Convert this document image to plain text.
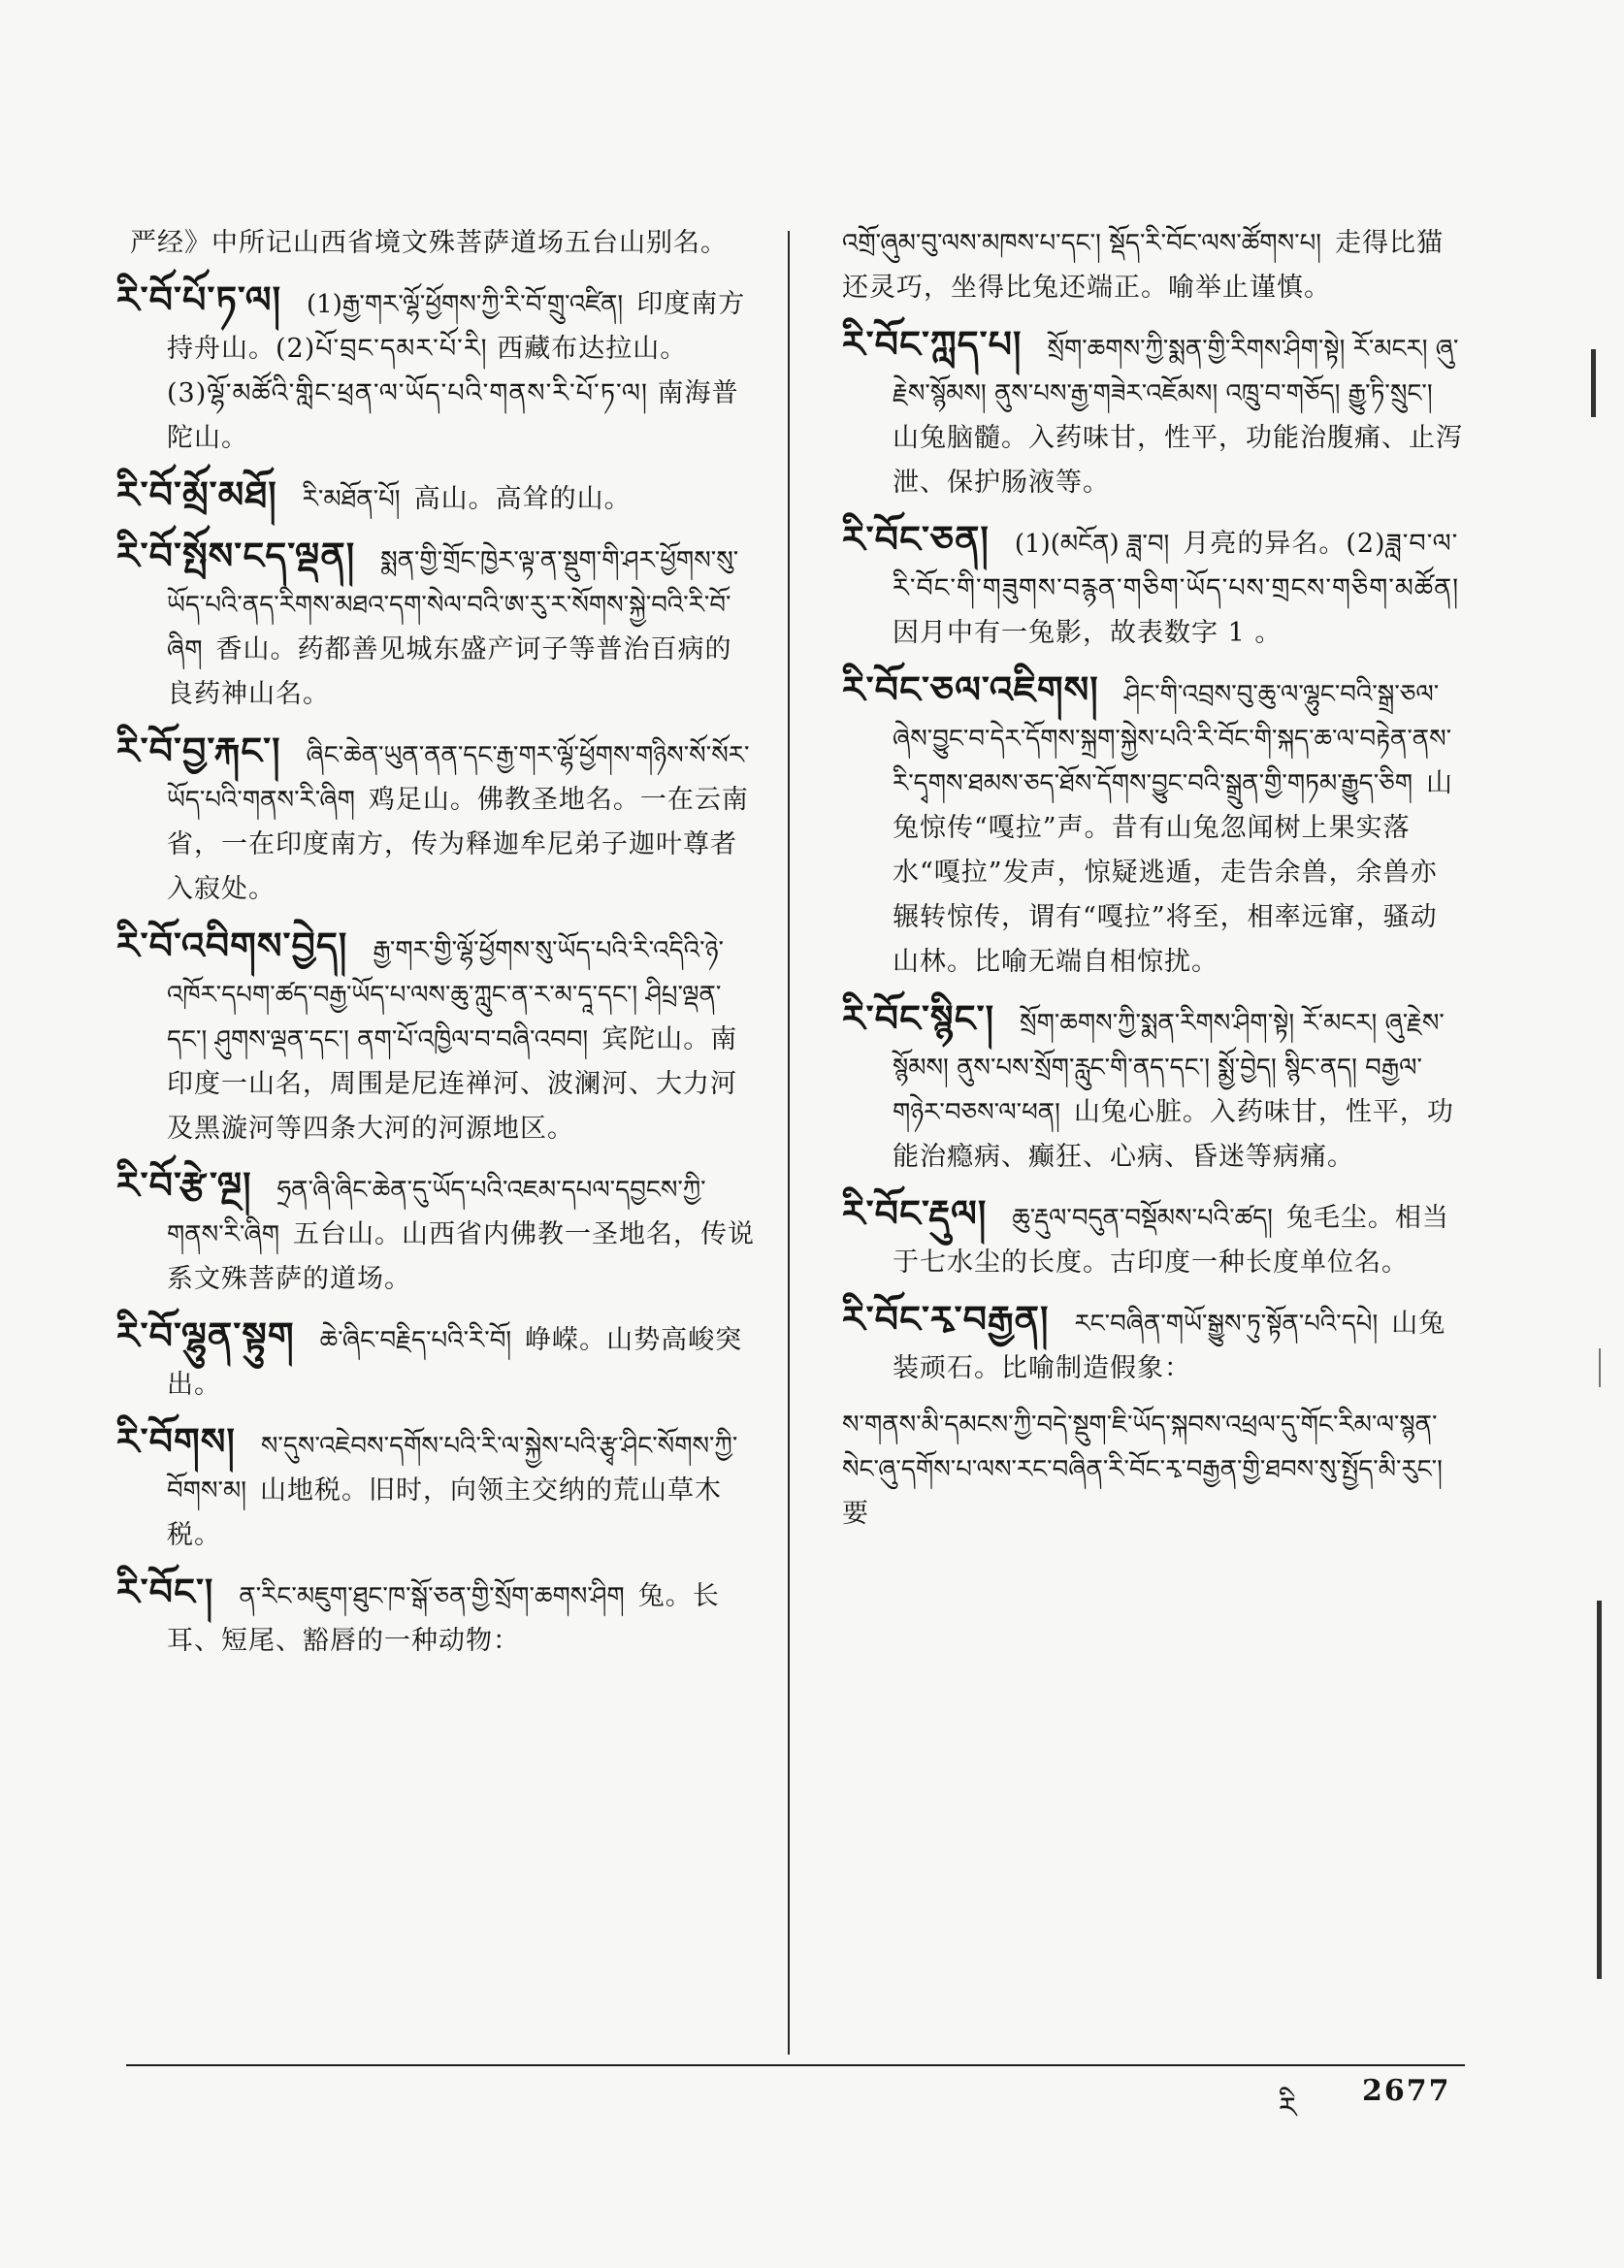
严经》中所记山西省境文殊菩萨道场五台山别名。
རི་བོ་པོ་ཏ་ལ། (1)རྒྱ་གར་ལྷོ་ཕྱོགས་ཀྱི་རི་བོ་གྲུ་འཛིན། 印度南方持舟山。(2)པོ་བྲང་དམར་པོ་རི། 西藏布达拉山。 (3)ལྷོ་མཚོའི་གླིང་ཕྲན་ལ་ཡོད་པའི་གནས་རི་པོ་ཏ་ལ། 南海普陀山。
རི་བོ་མྲོ་མཐོ། རི་མཐོན་པོ། 高山。高耸的山。
རི་བོ་སྤོས་ངད་ལྡན། སྨན་གྱི་གྲོང་ཁྱེར་ལྟ་ན་སྡུག་གི་ཤར་ཕྱོགས་སུ་ཡོད་པའི་ནད་རིགས་མཐའ་དག་སེལ་བའི་ཨ་རུ་ར་སོགས་སྐྱེ་བའི་རི་བོ་ཞིག 香山。药都善见城东盛产诃子等普治百病的良药神山名。
རི་བོ་བྱ་རྐང་། ཞིང་ཆེན་ཡུན་ནན་དང་རྒྱ་གར་ལྷོ་ཕྱོགས་གཉིས་སོ་སོར་ཡོད་པའི་གནས་རི་ཞིག 鸡足山。佛教圣地名。一在云南省，一在印度南方，传为释迦牟尼弟子迦叶尊者入寂处。
རི་བོ་འབིགས་བྱེད། རྒྱ་གར་གྱི་ལྷོ་ཕྱོགས་སུ་ཡོད་པའི་རི་འདིའི་ཉེ་འཁོར་དཔག་ཚད་བརྒྱ་ཡོད་པ་ལས་ཆུ་ཀླུང་ན་ར་མ་དཱ་དང་། ཤིཔྲ་ལྡན་དང་། ཤུགས་ལྡན་དང་། ནག་པོ་འཁྱིལ་བ་བཞི་འབབ། 宾陀山。南印度一山名，周围是尼连禅河、波澜河、大力河及黑漩河等四条大河的河源地区。
རི་བོ་རྩེ་ལྔ། ཧྲན་ཞི་ཞིང་ཆེན་དུ་ཡོད་པའི་འཇམ་དཔལ་དབྱངས་ཀྱི་གནས་རི་ཞིག 五台山。山西省内佛教一圣地名，传说系文殊菩萨的道场。
རི་བོ་ལྷུན་སྟུག ཆེ་ཞིང་བརྗིད་པའི་རི་བོ། 峥嵘。山势高峻突出。
རི་བོགས། ས་དུས་འཇེབས་དགོས་པའི་རི་ལ་སྐྱེས་པའི་རྩྭ་ཤིང་སོགས་ཀྱི་བོགས་མ། 山地税。旧时，向领主交纳的荒山草木税。
རི་བོང་། ན་རིང་མཇུག་ཐུང་ཁ་སྒོ་ཅན་གྱི་སྲོག་ཆགས་ཤིག 兔。长耳、短尾、豁唇的一种动物：
འགྲོ་ཞུམ་བུ་ལས་མཁས་པ་དང་། སྡོད་རི་བོང་ལས་ཚོགས་པ། 走得比猫还灵巧，坐得比兔还端正。喻举止谨慎。
རི་བོང་ཀླད་པ། སྲོག་ཆགས་ཀྱི་སྨན་གྱི་རིགས་ཤིག་སྟེ། རོ་མངར། ཞུ་རྗེས་སྙོམས། ནུས་པས་རྒྱ་གཟེར་འཇོམས། འཁྲུ་བ་གཅོད། རྒྱུ་ཏི་སྲུང་།山兔脑髓。入药味甘，性平，功能治腹痛、止泻泄、保护肠液等。
རི་བོང་ཅན། (1)(མངོན) ཟླ་བ། 月亮的异名。(2)ཟླ་བ་ལ་རི་བོང་གི་གཟུགས་བརྙན་གཅིག་ཡོད་པས་གྲངས་གཅིག་མཚོན། 因月中有一兔影，故表数字 1 。
རི་བོང་ཅལ་འཇིགས། ཤིང་གི་འབྲས་བུ་ཆུ་ལ་ལྷུང་བའི་སྒྲ་ཅལ་ཞེས་བྱུང་བ་དེར་དོགས་སྐྲག་སྐྱེས་པའི་རི་བོང་གི་སྐད་ཆ་ལ་བརྟེན་ནས་རི་དྭགས་ཐམས་ཅད་ཐོས་དོགས་བྱུང་བའི་སྒྲུན་གྱི་གཏམ་རྒྱུད་ཅིག 山兔惊传“嘎拉”声。昔有山兔忽闻树上果实落水“嘎拉”发声，惊疑逃遁，走告余兽，余兽亦辗转惊传，谓有“嘎拉”将至，相率远窜，骚动山林。比喻无端自相惊扰。
རི་བོང་སྙིང་། སྲོག་ཆགས་ཀྱི་སྨན་རིགས་ཤིག་སྟེ། རོ་མངར། ཞུ་རྗེས་སྙོམས། ནུས་པས་སྲོག་རླུང་གི་ནད་དང་། སྨྱོ་བྱེད། སྙིང་ནད། བརྒྱལ་གཉེར་བཅས་ལ་ཕན། 山兔心脏。入药味甘，性平，功能治瘾病、癫狂、心病、昏迷等病痛。
རི་བོང་རྡུལ། ཆུ་རྡུལ་བདུན་བསྡོམས་པའི་ཚད། 兔毛尘。相当于七水尘的长度。古印度一种长度单位名。
རི་བོང་རྭ་བརྒྱན། རང་བཞིན་གཡོ་སྒྱུས་ཏུ་སྟོན་པའི་དཔེ། 山兔装顽石。比喻制造假象：
ས་གནས་མི་དམངས་ཀྱི་བདེ་སྡུག་ཇི་ཡོད་སྐབས་འཕྲལ་དུ་གོང་རིམ་ལ་སྙན་སེང་ཞུ་དགོས་པ་ལས་རང་བཞིན་རི་བོང་རྭ་བརྒྱན་གྱི་ཐབས་སུ་སྤྱོད་མི་རུང་།要
རི
2677
